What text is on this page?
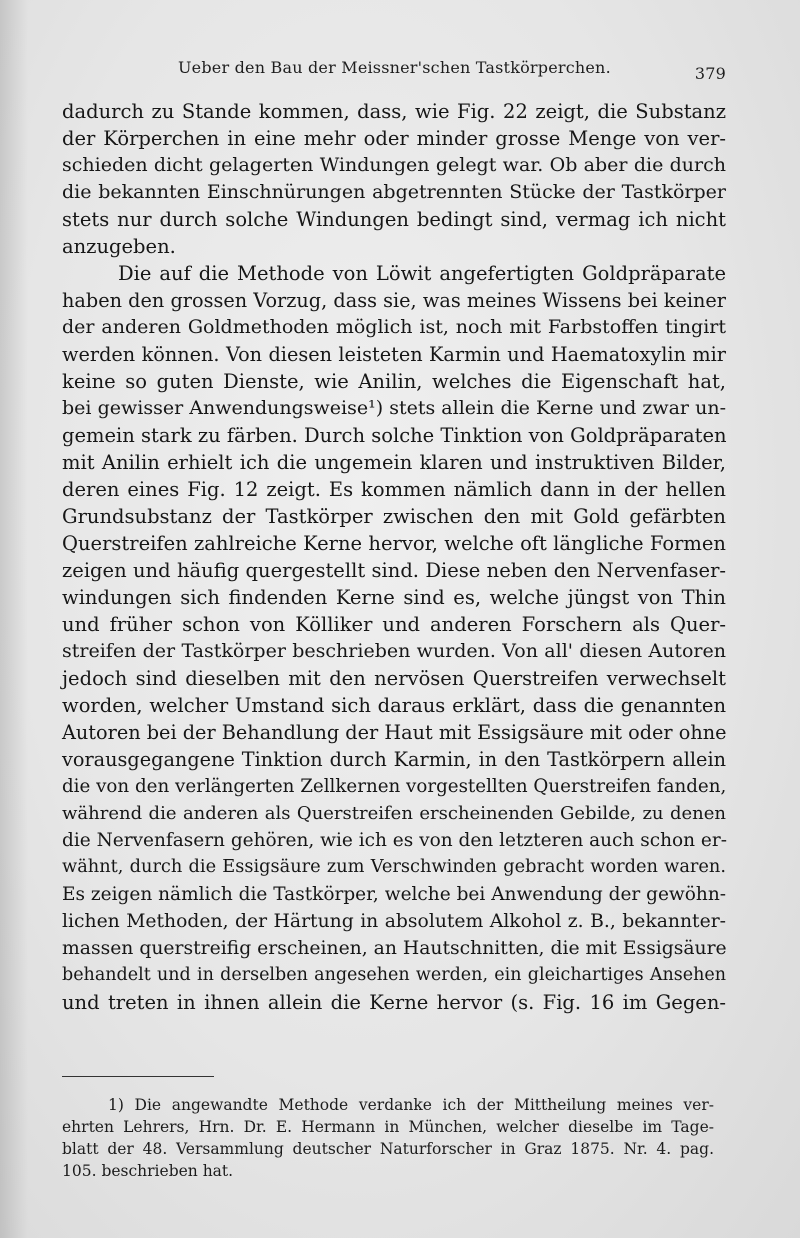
Ueber den Bau der Meissner'schen Tastkörperchen.	379
dadurch zu Stande kommen, dass, wie Fig. 22 zeigt, die Substanz
der Körperchen in eine mehr oder minder grosse Menge von ver-
schieden dicht gelagerten Windungen gelegt war. Ob aber die durch
die bekannten Einschnürungen abgetrennten Stücke der Tastkörper
stets nur durch solche Windungen bedingt sind, vermag ich nicht
anzugeben.
Die auf die Methode von Löwit angefertigten Goldpräparate
haben den grossen Vorzug, dass sie, was meines Wissens bei keiner
der anderen Goldmethoden möglich ist, noch mit Farbstoffen tingirt
werden können. Von diesen leisteten Karmin und Haematoxylin mir
keine so guten Dienste, wie Anilin, welches die Eigenschaft hat,
bei gewisser Anwendungsweise¹) stets allein die Kerne und zwar un-
gemein stark zu färben. Durch solche Tinktion von Goldpräparaten
mit Anilin erhielt ich die ungemein klaren und instruktiven Bilder,
deren eines Fig. 12 zeigt. Es kommen nämlich dann in der hellen
Grundsubstanz der Tastkörper zwischen den mit Gold gefärbten
Querstreifen zahlreiche Kerne hervor, welche oft längliche Formen
zeigen und häufig quergestellt sind. Diese neben den Nervenfaser-
windungen sich findenden Kerne sind es, welche jüngst von Thin
und früher schon von Kölliker und anderen Forschern als Quer-
streifen der Tastkörper beschrieben wurden. Von all' diesen Autoren
jedoch sind dieselben mit den nervösen Querstreifen verwechselt
worden, welcher Umstand sich daraus erklärt, dass die genannten
Autoren bei der Behandlung der Haut mit Essigsäure mit oder ohne
vorausgegangene Tinktion durch Karmin, in den Tastkörpern allein
die von den verlängerten Zellkernen vorgestellten Querstreifen fanden,
während die anderen als Querstreifen erscheinenden Gebilde, zu denen
die Nervenfasern gehören, wie ich es von den letzteren auch schon er-
wähnt, durch die Essigsäure zum Verschwinden gebracht worden waren.
Es zeigen nämlich die Tastkörper, welche bei Anwendung der gewöhn-
lichen Methoden, der Härtung in absolutem Alkohol z. B., bekannter-
massen querstreifig erscheinen, an Hautschnitten, die mit Essigsäure
behandelt und in derselben angesehen werden, ein gleichartiges Ansehen
und treten in ihnen allein die Kerne hervor (s. Fig. 16 im Gegen-
1) Die angewandte Methode verdanke ich der Mittheilung meines ver-
ehrten Lehrers, Hrn. Dr. E. Hermann in München, welcher dieselbe im Tage-
blatt der 48. Versammlung deutscher Naturforscher in Graz 1875. Nr. 4. pag.
105. beschrieben hat.
